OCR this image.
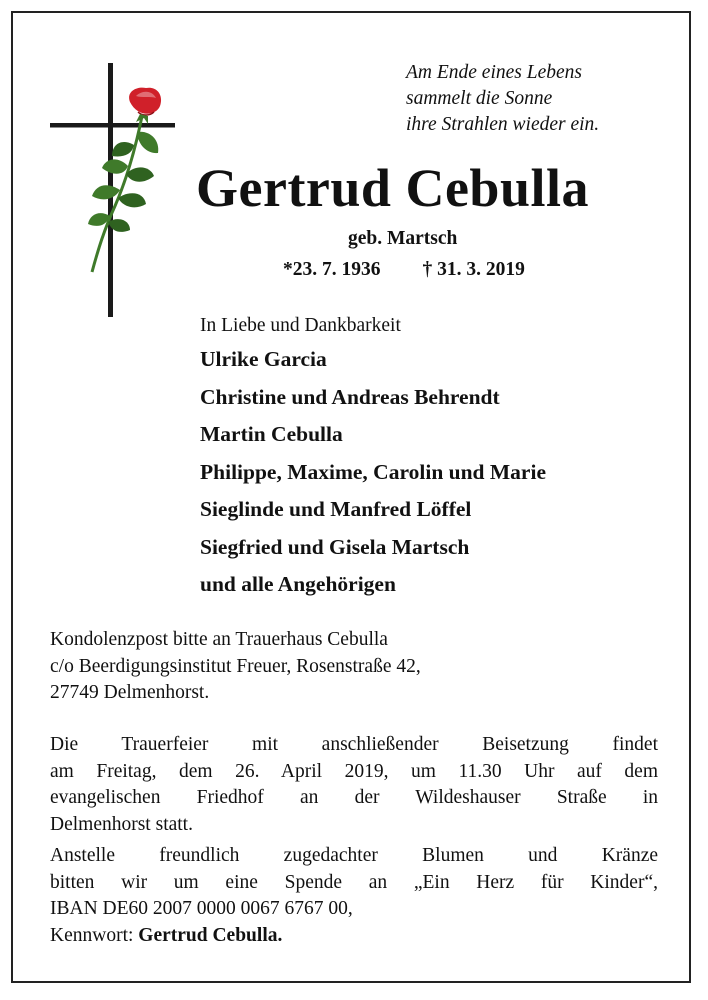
Am Ende eines Lebens
sammelt die Sonne
ihre Strahlen wieder ein.
Gertrud Cebulla
geb. Martsch
*23. 7. 1936 † 31. 3. 2019
In Liebe und Dankbarkeit
Ulrike Garcia
Christine und Andreas Behrendt
Martin Cebulla
Philippe, Maxime, Carolin und Marie
Sieglinde und Manfred Löffel
Siegfried und Gisela Martsch
und alle Angehörigen
Kondolenzpost bitte an Trauerhaus Cebulla
c/o Beerdigungsinstitut Freuer, Rosenstraße 42,
27749 Delmenhorst.
Die Trauerfeier mit anschließender Beisetzung findet
am Freitag, dem 26. April 2019, um 11.30 Uhr auf dem
evangelischen Friedhof an der Wildeshauser Straße in
Delmenhorst statt.
Anstelle freundlich zugedachter Blumen und Kränze
bitten wir um eine Spende an „Ein Herz für Kinder“,
IBAN DE60 2007 0000 0067 6767 00,
Kennwort: Gertrud Cebulla.
